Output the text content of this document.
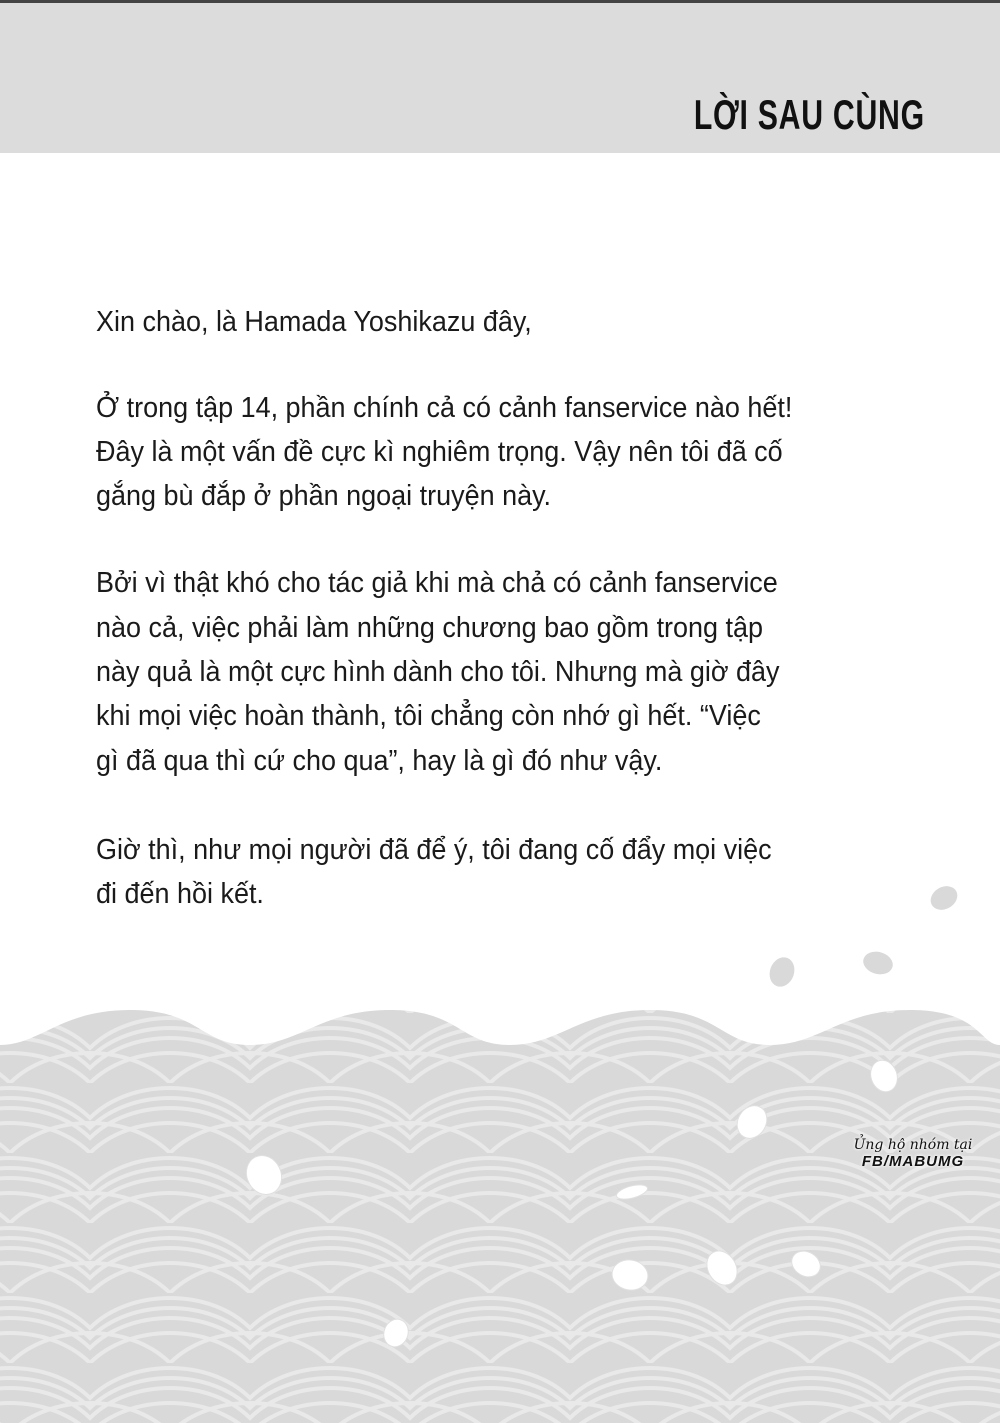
LỜI SAU CÙNG
Xin chào, là Hamada Yoshikazu đây,
Ở trong tập 14, phần chính cả có cảnh fanservice nào hết!
Đây là một vấn đề cực kì nghiêm trọng. Vậy nên tôi đã cố
gắng bù đắp ở phần ngoại truyện này.
Bởi vì thật khó cho tác giả khi mà chả có cảnh fanservice
nào cả, việc phải làm những chương bao gồm trong tập
này quả là một cực hình dành cho tôi. Nhưng mà giờ đây
khi mọi việc hoàn thành, tôi chẳng còn nhớ gì hết. “Việc
gì đã qua thì cứ cho qua”, hay là gì đó như vậy.
Giờ thì, như mọi người đã để ý, tôi đang cố đẩy mọi việc
đi đến hồi kết.
Ủng hộ nhóm tại
FB/MABUMG
